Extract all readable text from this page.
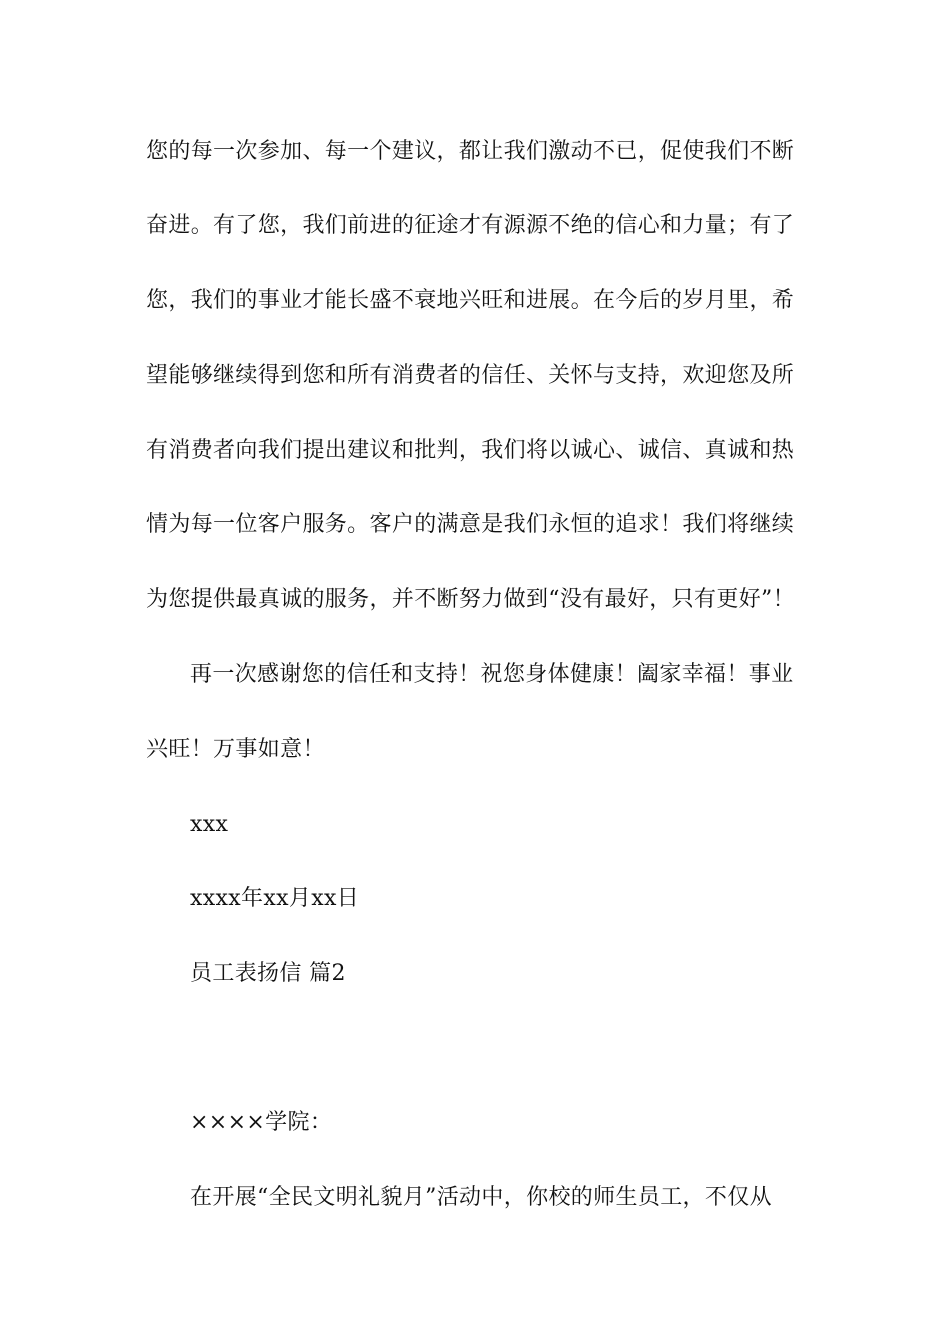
您的每一次参加、每一个建议，都让我们激动不已，促使我们不断
奋进。有了您，我们前进的征途才有源源不绝的信心和力量；有了
您，我们的事业才能长盛不衰地兴旺和进展。在今后的岁月里，希
望能够继续得到您和所有消费者的信任、关怀与支持，欢迎您及所
有消费者向我们提出建议和批判，我们将以诚心、诚信、真诚和热
情为每一位客户服务。客户的满意是我们永恒的追求！我们将继续
为您提供最真诚的服务，并不断努力做到“没有最好，只有更好”！
再一次感谢您的信任和支持！祝您身体健康！阖家幸福！事业
兴旺！万事如意！
xxx
xxxx年xx月xx日
员工表扬信 篇2
××××学院：
在开展“全民文明礼貌月”活动中，你校的师生员工，不仅从
